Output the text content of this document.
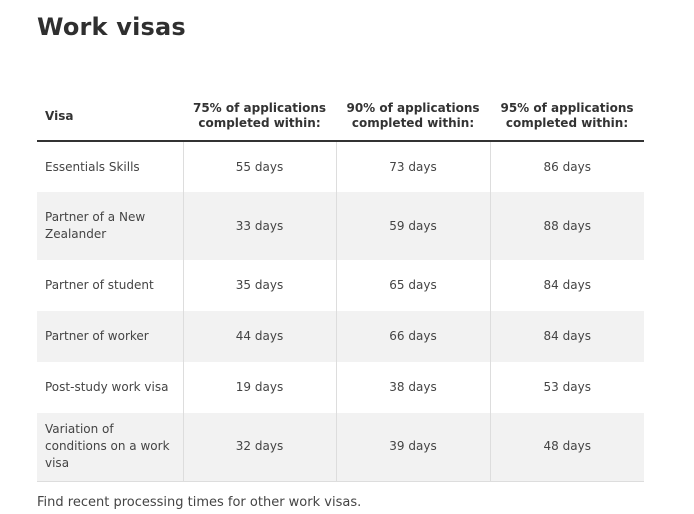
Work visas
Visa	75% of applications completed within:	90% of applications completed within:	95% of applications completed within:
Essentials Skills	55 days	73 days	86 days
Partner of a New Zealander	33 days	59 days	88 days
Partner of student	35 days	65 days	84 days
Partner of worker	44 days	66 days	84 days
Post-study work visa	19 days	38 days	53 days
Variation of conditions on a work visa	32 days	39 days	48 days
Find recent processing times for other work visas.
